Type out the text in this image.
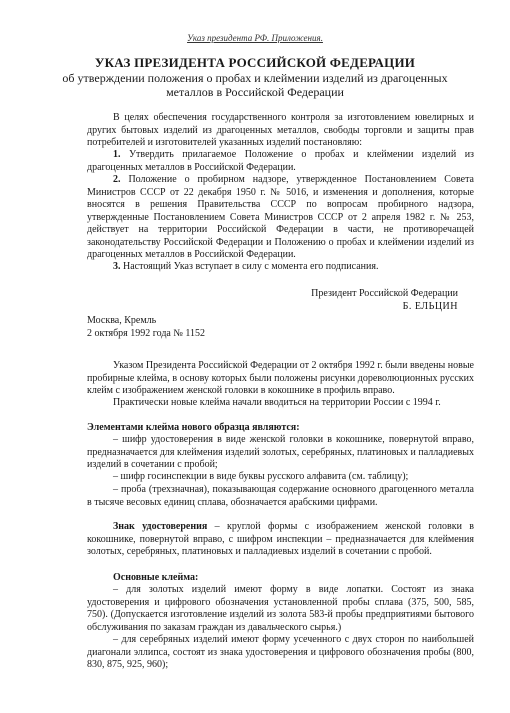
Указ президента РФ. Приложения.
УКАЗ ПРЕЗИДЕНТА РОССИЙСКОЙ ФЕДЕРАЦИИ
об утверждении положения о пробах и клеймении изделий из драгоценных металлов в Российской Федерации

В целях обеспечения государственного контроля за изготовлением ювелирных и других бытовых изделий из драгоценных металлов, свободы торговли и защиты прав потребителей и изготовителей указанных изделий постановляю:

1. Утвердить прилагаемое Положение о пробах и клеймении изделий из драгоценных металлов в Российской Федерации.

2. Положение о пробирном надзоре, утвержденное Постановлением Совета Министров СССР от 22 декабря 1950 г. № 5016, и изменения и дополнения, которые вносятся в решения Правительства СССР по вопросам пробирного надзора, утвержденные Постановлением Совета Министров СССР от 2 апреля 1982 г. № 253, действует на территории Российской Федерации в части, не противоречащей законодательству Российской Федерации и Положению о пробах и клеймении изделий из драгоценных металлов в Российской Федерации.

3. Настоящий Указ вступает в силу с момента его подписания.

Президент Российской Федерации
Б. ЕЛЬЦИН
Москва, Кремль
2 октября 1992 года № 1152

Указом Президента Российской Федерации от 2 октября 1992 г. были введены новые пробирные клейма, в основу которых были положены рисунки дореволюционных русских клейм с изображением женской головки в кокошнике в профиль вправо.

Практически новые клейма начали вводиться на территории России с 1994 г.

Элементами клейма нового образца являются:

– шифр удостоверения в виде женской головки в кокошнике, повернутой вправо, предназначается для клеймения изделий золотых, серебряных, платиновых и палладиевых изделий в сочетании с пробой;

– шифр госинспекции в виде буквы русского алфавита (см. таблицу);

– проба (трехзначная), показывающая содержание основного драгоценного металла в тысяче весовых единиц сплава, обозначается арабскими цифрами.

Знак удостоверения – круглой формы с изображением женской головки в кокошнике, повернутой вправо, с шифром инспекции – предназначается для клеймения золотых, серебряных, платиновых и палладиевых изделий в сочетании с пробой.

Основные клейма:

– для золотых изделий имеют форму в виде лопатки. Состоят из знака удостоверения и цифрового обозначения установленной пробы сплава (375, 500, 585, 750). (Допускается изготовление изделий из золота 583-й пробы предприятиями бытового обслуживания по заказам граждан из давальческого сырья.)

– для серебряных изделий имеют форму усеченного с двух сторон по наибольшей диагонали эллипса, состоят из знака удостоверения и цифрового обозначения пробы (800, 830, 875, 925, 960);
